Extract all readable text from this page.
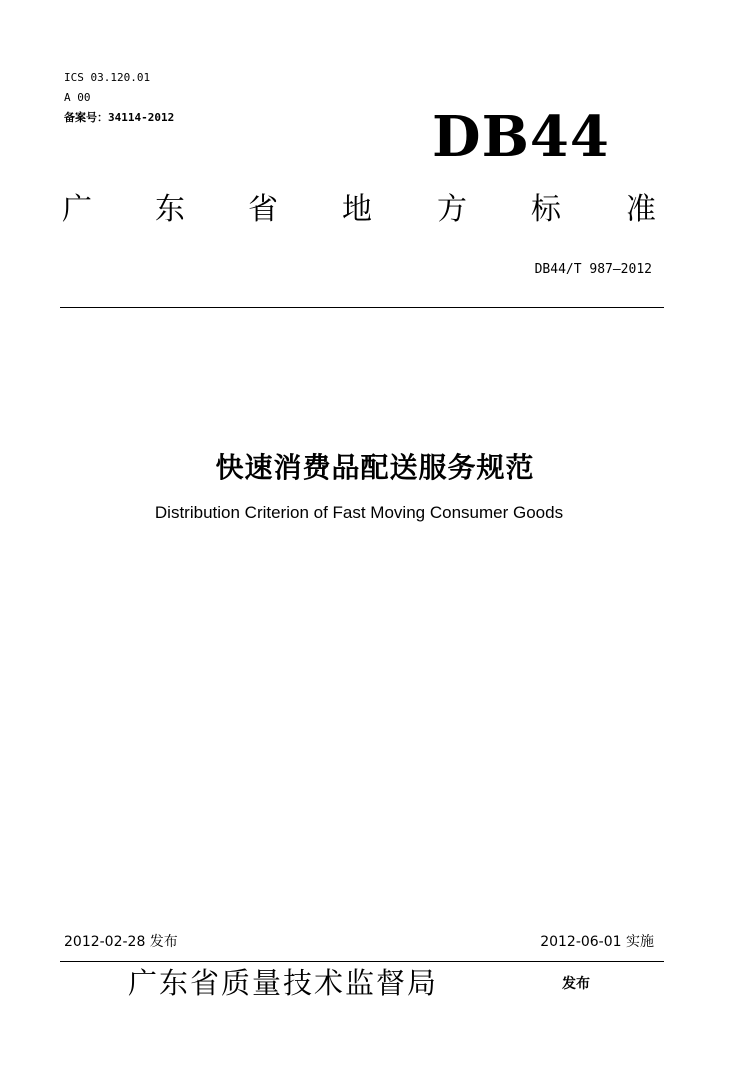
ICS 03.120.01
A 00
备案号：34114-2012	DB44
广 东 省 地 方 标 准
DB44/T 987—2012
快速消费品配送服务规范
Distribution Criterion of Fast Moving Consumer Goods
2012-02-28 发布	2012-06-01 实施
广东省质量技术监督局	发布
